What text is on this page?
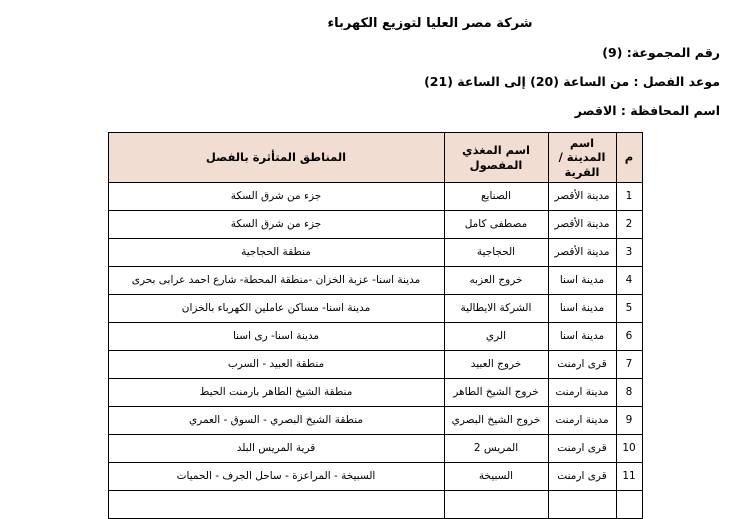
شركة مصر العليا لتوزيع الكهرباء
رقم المجموعة: (9)
موعد الفصل : من الساعة (20) إلى الساعة (21)
اسم المحافظة : الاقصر
م	اسم المدينة / القرية	اسم المغذي المفصول	المناطق المتأثرة بالفصل
1	مدينة الأقصر	الصنايع	جزء من شرق السكة
2	مدينة الأقصر	مصطفى كامل	جزء من شرق السكة
3	مدينة الأقصر	الحجاجية	منطقة الحجاجية
4	مدينة اسنا	خروج العزبه	مدينة اسنا- عزبة الخزان -منطقة المحطة- شارع احمد عرابى بحرى
5	مدينة اسنا	الشركة الايطالية	مدينة اسنا- مساكن عاملين الكهرباء بالخزان
6	مدينة اسنا	الري	مدينة اسنا- رى اسنا
7	قرى ارمنت	خروج العبيد	منطقة العبيد - السرب
8	مدينة ارمنت	خروج الشيخ الطاهر	منطقة الشيخ الطاهر بارمنت الحيط
9	مدينة ارمنت	خروج الشيخ البصري	منطقة الشيخ البصري - السوق - العمري
10	قرى ارمنت	المريس 2	قرية المريس البلد
11	قرى ارمنت	السبيخة	السبيخة - المراعزة - ساحل الجرف - الحميات
